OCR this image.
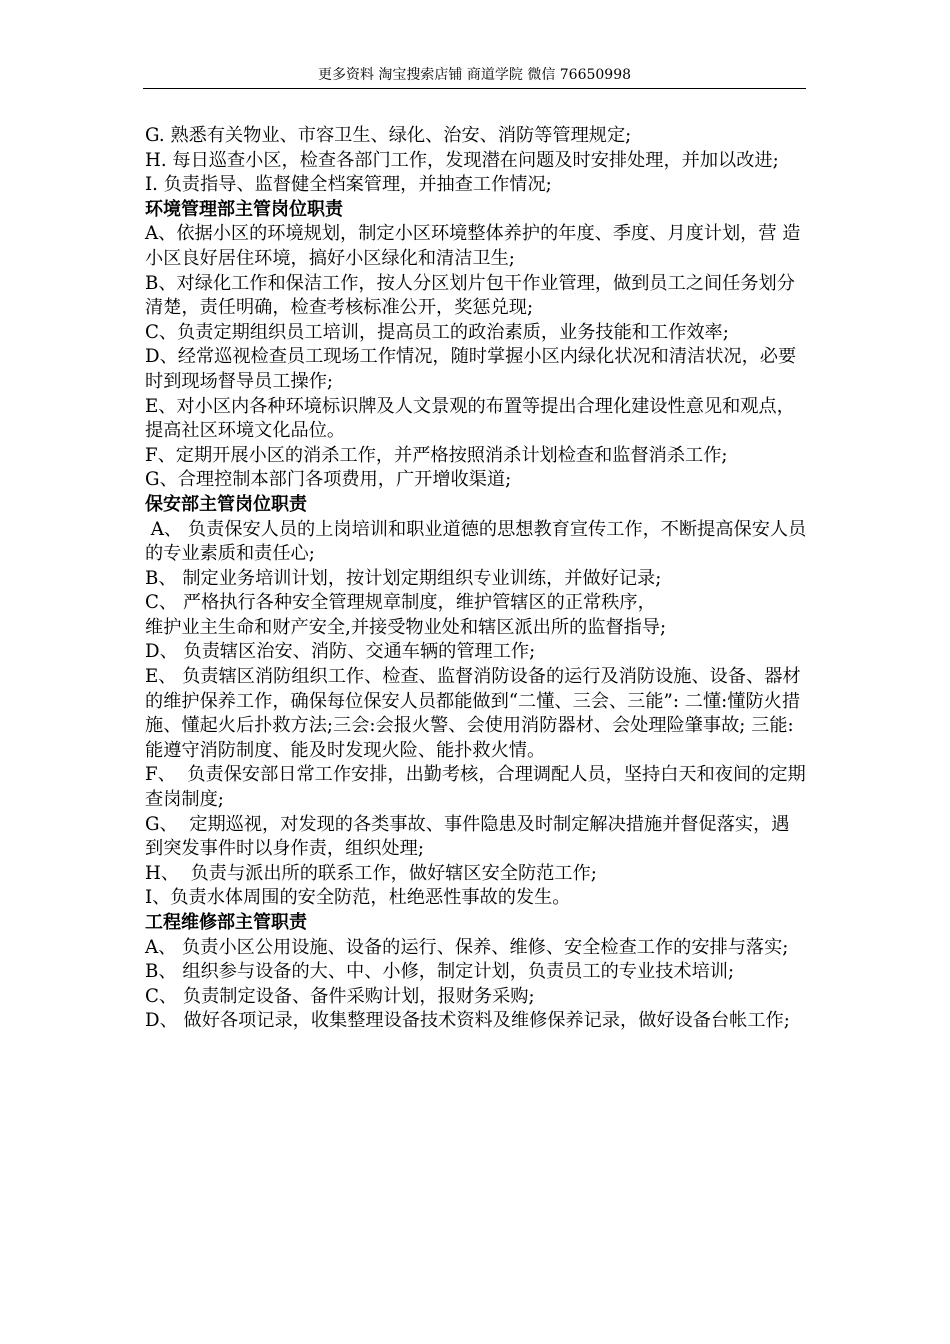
更多资料 淘宝搜索店铺 商道学院 微信 76650998
G. 熟悉有关物业、市容卫生、绿化、治安、消防等管理规定;
H. 每日巡查小区，检查各部门工作，发现潜在问题及时安排处理，并加以改进;
I. 负责指导、监督健全档案管理，并抽查工作情况;
环境管理部主管岗位职责
A、依据小区的环境规划，制定小区环境整体养护的年度、季度、月度计划，营 造小区良好居住环境，搞好小区绿化和清洁卫生;
B、对绿化工作和保洁工作，按人分区划片包干作业管理，做到员工之间任务划分清楚，责任明确，检查考核标准公开，奖惩兑现;
C、负责定期组织员工培训，提高员工的政治素质，业务技能和工作效率;
D、经常巡视检查员工现场工作情况，随时掌握小区内绿化状况和清洁状况，必要时到现场督导员工操作;
E、对小区内各种环境标识牌及人文景观的布置等提出合理化建设性意见和观点，提高社区环境文化品位。
F、定期开展小区的消杀工作，并严格按照消杀计划检查和监督消杀工作;
G、合理控制本部门各项费用，广开增收渠道;
保安部主管岗位职责
A、 负责保安人员的上岗培训和职业道德的思想教育宣传工作，不断提高保安人员的专业素质和责任心;
B、 制定业务培训计划，按计划定期组织专业训练，并做好记录;
C、 严格执行各种安全管理规章制度，维护管辖区的正常秩序，
维护业主生命和财产安全,并接受物业处和辖区派出所的监督指导;
D、 负责辖区治安、消防、交通车辆的管理工作;
E、 负责辖区消防组织工作、检查、监督消防设备的运行及消防设施、设备、器材的维护保养工作，确保每位保安人员都能做到“二懂、三会、三能”: 二懂:懂防火措施、懂起火后扑救方法;三会:会报火警、会使用消防器材、会处理险肇事故; 三能:能遵守消防制度、能及时发现火险、能扑救火情。
F、  负责保安部日常工作安排，出勤考核，合理调配人员，坚持白天和夜间的定期查岗制度;
G、  定期巡视，对发现的各类事故、事件隐患及时制定解决措施并督促落实，遇到突发事件时以身作责，组织处理;
H、  负责与派出所的联系工作，做好辖区安全防范工作;
I、负责水体周围的安全防范，杜绝恶性事故的发生。
工程维修部主管职责
A、 负责小区公用设施、设备的运行、保养、维修、安全检查工作的安排与落实;
B、 组织参与设备的大、中、小修，制定计划，负责员工的专业技术培训;
C、 负责制定设备、备件采购计划，报财务采购;
D、 做好各项记录，收集整理设备技术资料及维修保养记录，做好设备台帐工作;
